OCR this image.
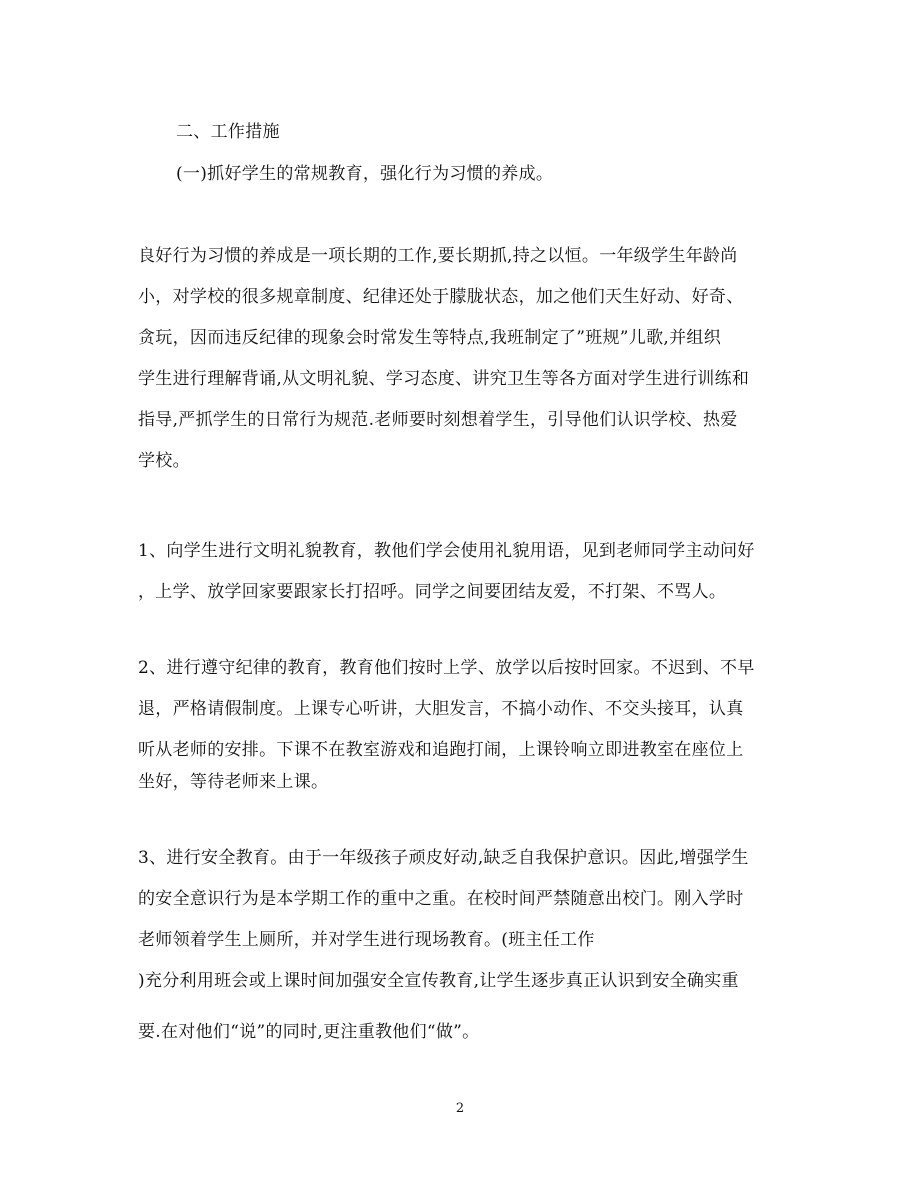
二、工作措施
(一)抓好学生的常规教育，强化行为习惯的养成。
良好行为习惯的养成是一项长期的工作,要长期抓,持之以恒。一年级学生年龄尚
小，对学校的很多规章制度、纪律还处于朦胧状态，加之他们天生好动、好奇、
贪玩，因而违反纪律的现象会时常发生等特点,我班制定了”班规”儿歌,并组织
学生进行理解背诵,从文明礼貌、学习态度、讲究卫生等各方面对学生进行训练和
指导,严抓学生的日常行为规范.老师要时刻想着学生，引导他们认识学校、热爱
学校。
1、向学生进行文明礼貌教育，教他们学会使用礼貌用语，见到老师同学主动问好
，上学、放学回家要跟家长打招呼。同学之间要团结友爱，不打架、不骂人。
2、进行遵守纪律的教育，教育他们按时上学、放学以后按时回家。不迟到、不早
退，严格请假制度。上课专心听讲，大胆发言，不搞小动作、不交头接耳，认真
听从老师的安排。下课不在教室游戏和追跑打闹，上课铃响立即进教室在座位上
坐好，等待老师来上课。
3、进行安全教育。由于一年级孩子顽皮好动,缺乏自我保护意识。因此,增强学生
的安全意识行为是本学期工作的重中之重。在校时间严禁随意出校门。刚入学时
老师领着学生上厕所，并对学生进行现场教育。(班主任工作
)充分利用班会或上课时间加强安全宣传教育,让学生逐步真正认识到安全确实重
要.在对他们“说”的同时,更注重教他们“做”。
2
